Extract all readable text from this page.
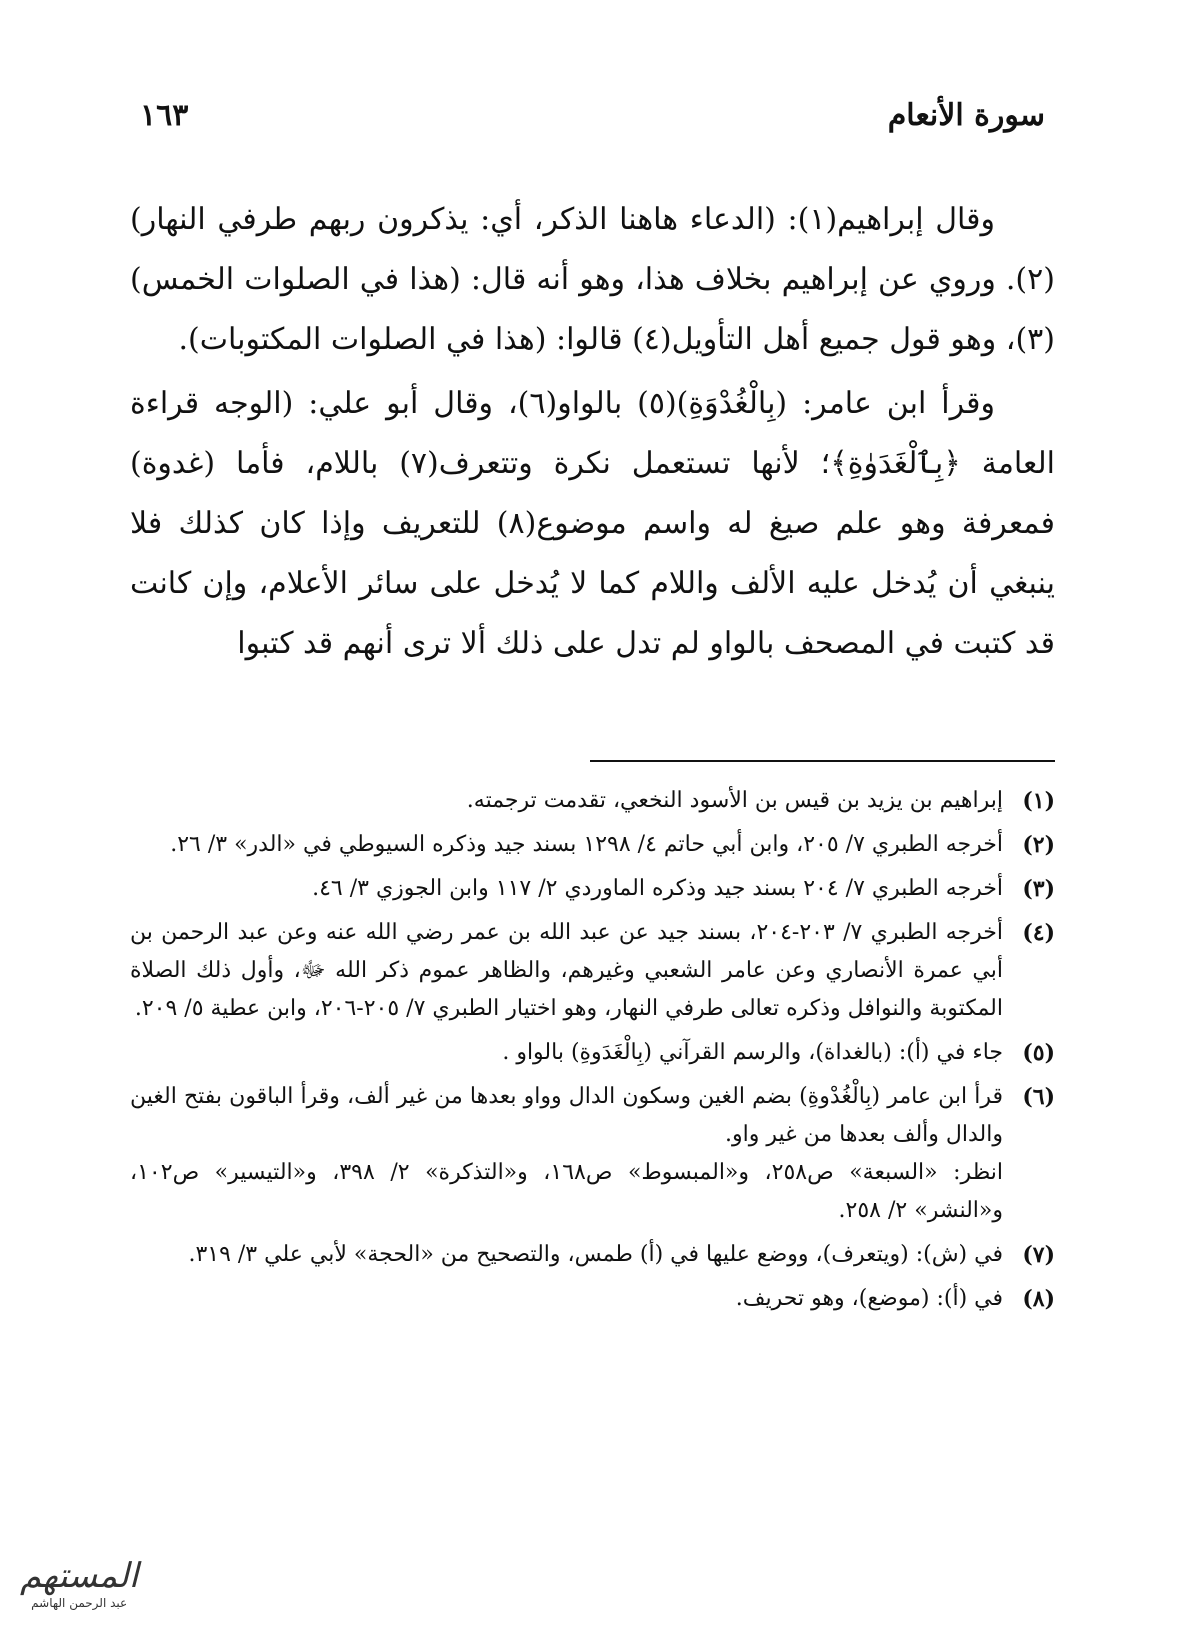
سورة الأنعام
١٦٣

وقال إبراهيم(١): (الدعاء هاهنا الذكر، أي: يذكرون ربهم طرفي النهار)(٢). وروي عن إبراهيم بخلاف هذا، وهو أنه قال: (هذا في الصلوات الخمس)(٣)، وهو قول جميع أهل التأويل(٤) قالوا: (هذا في الصلوات المكتوبات).

وقرأ ابن عامر: (بِالْغُدْوَةِ)(٥) بالواو(٦)، وقال أبو علي: (الوجه قراءة العامة ﴿بِٱلْغَدَوٰةِ﴾؛ لأنها تستعمل نكرة وتتعرف(٧) باللام، فأما (غدوة) فمعرفة وهو علم صيغ له واسم موضوع(٨) للتعريف وإذا كان كذلك فلا ينبغي أن يُدخل عليه الألف واللام كما لا يُدخل على سائر الأعلام، وإن كانت قد كتبت في المصحف بالواو لم تدل على ذلك ألا ترى أنهم قد كتبوا

(١)
إبراهيم بن يزيد بن قيس بن الأسود النخعي، تقدمت ترجمته.
(٢)
أخرجه الطبري ٧/ ٢٠٥، وابن أبي حاتم ٤/ ١٢٩٨ بسند جيد وذكره السيوطي في «الدر» ٣/ ٢٦.
(٣)
أخرجه الطبري ٧/ ٢٠٤ بسند جيد وذكره الماوردي ٢/ ١١٧ وابن الجوزي ٣/ ٤٦.
(٤)
أخرجه الطبري ٧/ ٢٠٣-٢٠٤، بسند جيد عن عبد الله بن عمر رضي الله عنه وعن عبد الرحمن بن أبي عمرة الأنصاري وعن عامر الشعبي وغيرهم، والظاهر عموم ذكر الله ﷻ، وأول ذلك الصلاة المكتوبة والنوافل وذكره تعالى طرفي النهار، وهو اختيار الطبري ٧/ ٢٠٥-٢٠٦، وابن عطية ٥/ ٢٠٩.
(٥)
جاء في (أ): (بالغداة)، والرسم القرآني (بِالْغَدَوةِ) بالواو .
(٦)
قرأ ابن عامر (بِالْغُدْوةِ) بضم الغين وسكون الدال وواو بعدها من غير ألف، وقرأ الباقون بفتح الغين والدال وألف بعدها من غير واو.
انظر: «السبعة» ص٢٥٨، و«المبسوط» ص١٦٨، و«التذكرة» ٢/ ٣٩٨، و«التيسير» ص١٠٢، و«النشر» ٢/ ٢٥٨.
(٧)
في (ش): (ويتعرف)، ووضع عليها في (أ) طمس، والتصحيح من «الحجة» لأبي علي ٣/ ٣١٩.
(٨)
في (أ): (موضع)، وهو تحريف.
المستهم
عبد الرحمن الهاشم
